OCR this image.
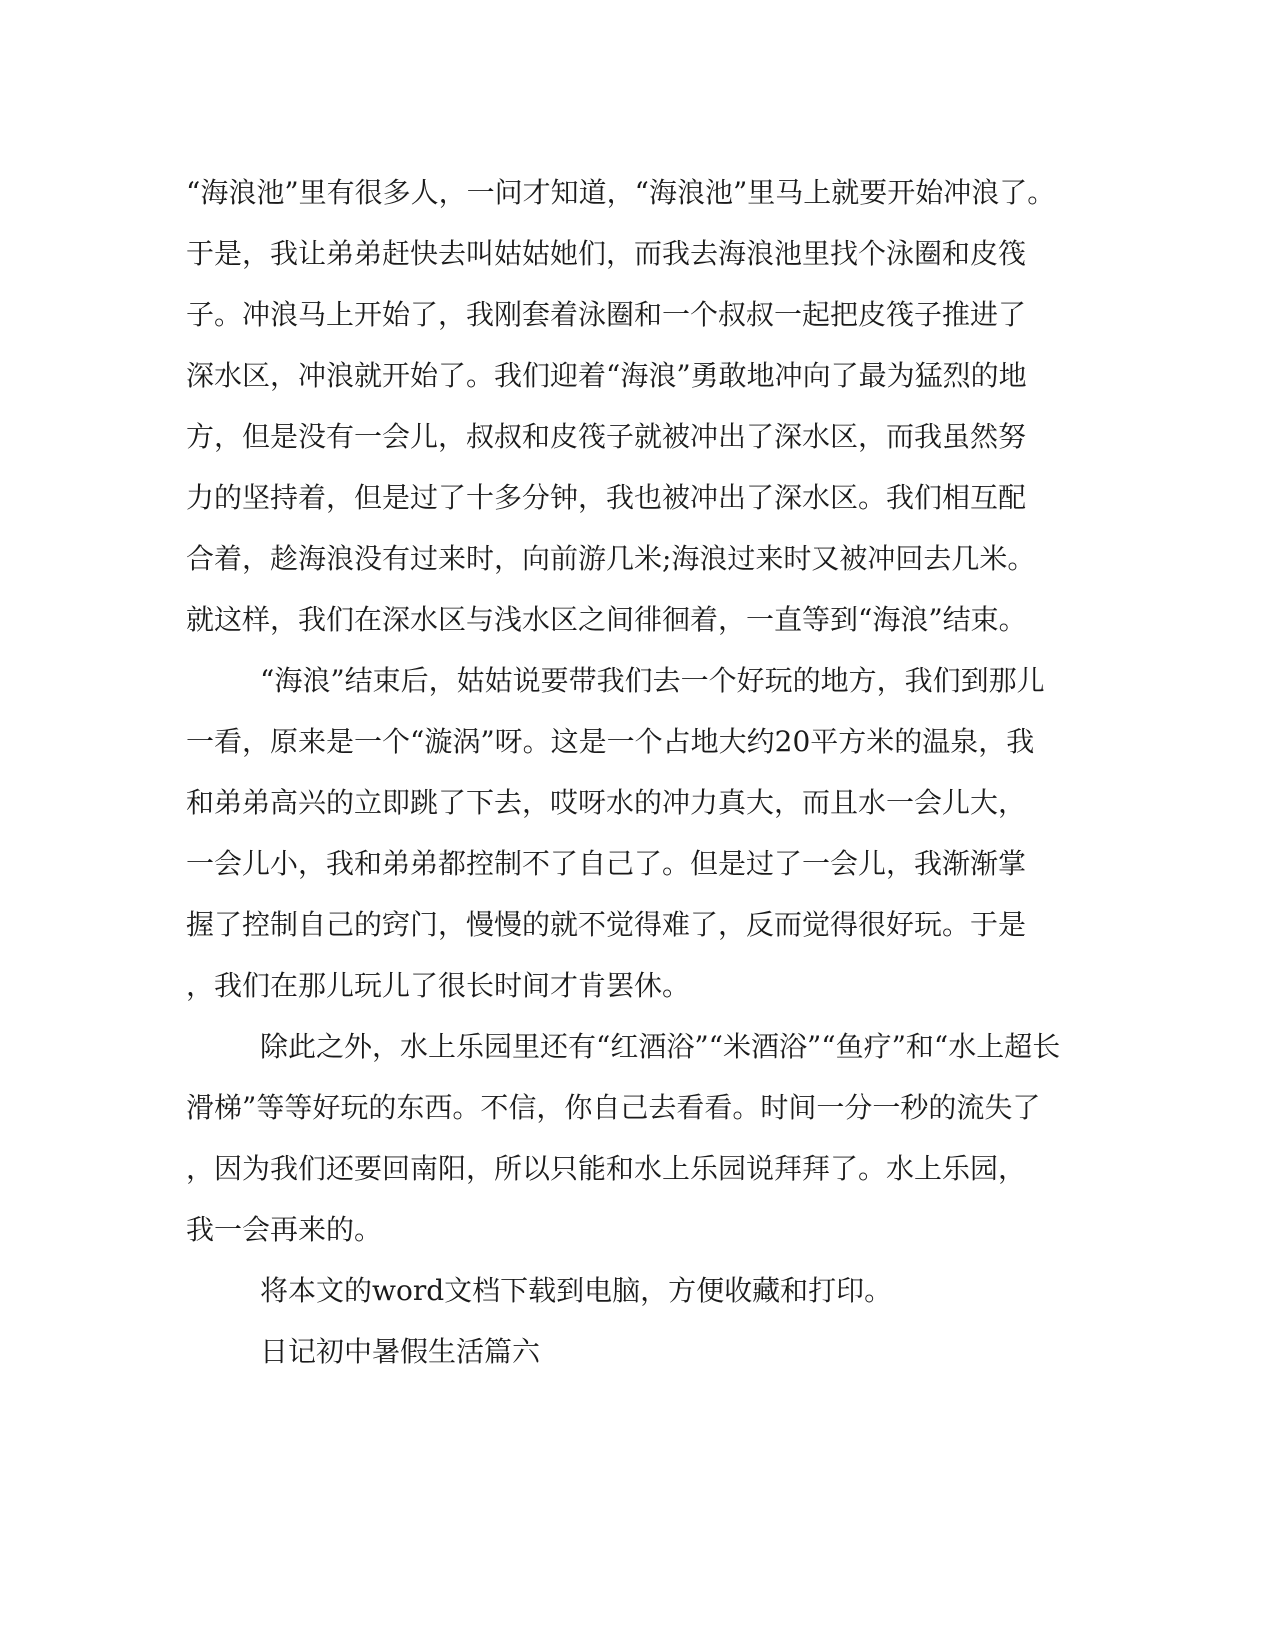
“海浪池”里有很多人，一问才知道，“海浪池”里马上就要开始冲浪了。
于是，我让弟弟赶快去叫姑姑她们，而我去海浪池里找个泳圈和皮筏
子。冲浪马上开始了，我刚套着泳圈和一个叔叔一起把皮筏子推进了
深水区，冲浪就开始了。我们迎着“海浪”勇敢地冲向了最为猛烈的地
方，但是没有一会儿，叔叔和皮筏子就被冲出了深水区，而我虽然努
力的坚持着，但是过了十多分钟，我也被冲出了深水区。我们相互配
合着，趁海浪没有过来时，向前游几米;海浪过来时又被冲回去几米。
就这样，我们在深水区与浅水区之间徘徊着，一直等到“海浪”结束。
“海浪”结束后，姑姑说要带我们去一个好玩的地方，我们到那儿
一看，原来是一个“漩涡”呀。这是一个占地大约20平方米的温泉，我
和弟弟高兴的立即跳了下去，哎呀水的冲力真大，而且水一会儿大，
一会儿小，我和弟弟都控制不了自己了。但是过了一会儿，我渐渐掌
握了控制自己的窍门，慢慢的就不觉得难了，反而觉得很好玩。于是
，我们在那儿玩儿了很长时间才肯罢休。
除此之外，水上乐园里还有“红酒浴”“米酒浴”“鱼疗”和“水上超长
滑梯”等等好玩的东西。不信，你自己去看看。时间一分一秒的流失了
，因为我们还要回南阳，所以只能和水上乐园说拜拜了。水上乐园，
我一会再来的。
将本文的word文档下载到电脑，方便收藏和打印。
日记初中暑假生活篇六
